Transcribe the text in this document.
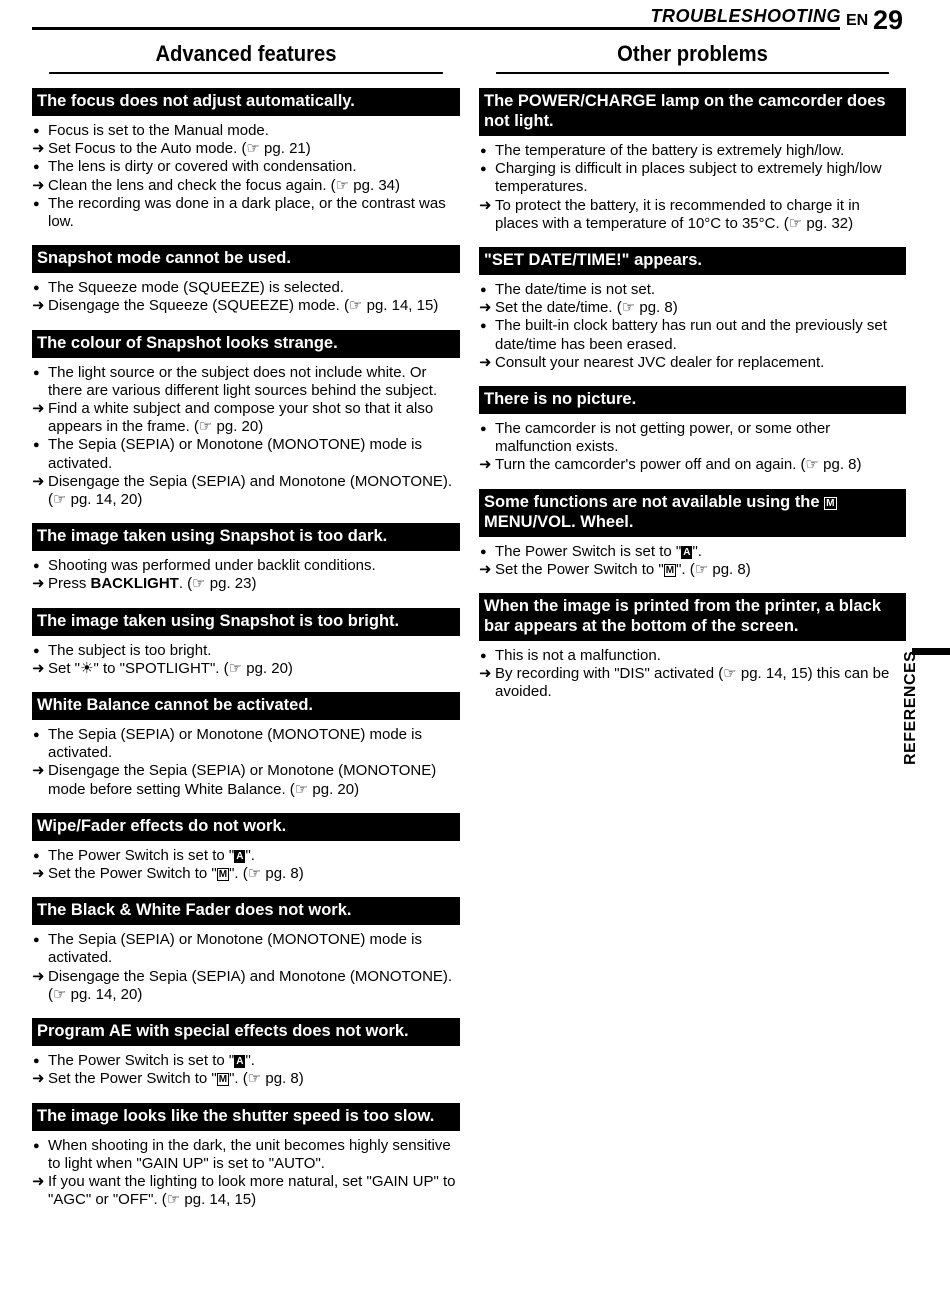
TROUBLESHOOTING EN 29
Advanced features
The focus does not adjust automatically.
●
Focus is set to the Manual mode.
➜
Set Focus to the Auto mode. (☞ pg. 21)
●
The lens is dirty or covered with condensation.
➜
Clean the lens and check the focus again. (☞ pg. 34)
●
The recording was done in a dark place, or the contrast was low.
Snapshot mode cannot be used.
●
The Squeeze mode (SQUEEZE) is selected.
➜
Disengage the Squeeze (SQUEEZE) mode. (☞ pg. 14, 15)
The colour of Snapshot looks strange.
●
The light source or the subject does not include white. Or there are various different light sources behind the subject.
➜
Find a white subject and compose your shot so that it also appears in the frame. (☞ pg. 20)
●
The Sepia (SEPIA) or Monotone (MONOTONE) mode is activated.
➜
Disengage the Sepia (SEPIA) and Monotone (MONOTONE). (☞ pg. 14, 20)
The image taken using Snapshot is too dark.
●
Shooting was performed under backlit conditions.
➜
Press BACKLIGHT. (☞ pg. 23)
The image taken using Snapshot is too bright.
●
The subject is too bright.
➜
Set "☀" to "SPOTLIGHT". (☞ pg. 20)
White Balance cannot be activated.
●
The Sepia (SEPIA) or Monotone (MONOTONE) mode is activated.
➜
Disengage the Sepia (SEPIA) or Monotone (MONOTONE) mode before setting White Balance. (☞ pg. 20)
Wipe/Fader effects do not work.
●
The Power Switch is set to " A ".
➜
Set the Power Switch to " M ". (☞ pg. 8)
The Black & White Fader does not work.
●
The Sepia (SEPIA) or Monotone (MONOTONE) mode is activated.
➜
Disengage the Sepia (SEPIA) and Monotone (MONOTONE). (☞ pg. 14, 20)
Program AE with special effects does not work.
●
The Power Switch is set to " A ".
➜
Set the Power Switch to " M ". (☞ pg. 8)
The image looks like the shutter speed is too slow.
●
When shooting in the dark, the unit becomes highly sensitive to light when "GAIN UP" is set to "AUTO".
➜
If you want the lighting to look more natural, set "GAIN UP" to "AGC" or "OFF". (☞ pg. 14, 15)
Other problems
The POWER/CHARGE lamp on the camcorder does not light.
●
The temperature of the battery is extremely high/low.
●
Charging is difficult in places subject to extremely high/low temperatures.
➜
To protect the battery, it is recommended to charge it in places with a temperature of 10°C to 35°C. (☞ pg. 32)
"SET DATE/TIME!" appears.
●
The date/time is not set.
➜
Set the date/time. (☞ pg. 8)
●
The built-in clock battery has run out and the previously set date/time has been erased.
➜
Consult your nearest JVC dealer for replacement.
There is no picture.
●
The camcorder is not getting power, or some other malfunction exists.
➜
Turn the camcorder's power off and on again. (☞ pg. 8)
Some functions are not available using the MMENU/VOL. Wheel.
●
The Power Switch is set to " A ".
➜
Set the Power Switch to " M ". (☞ pg. 8)
When the image is printed from the printer, a black bar appears at the bottom of the screen.
●
This is not a malfunction.
➜
By recording with "DIS" activated (☞ pg. 14, 15) this can be avoided.	REFERENCES
